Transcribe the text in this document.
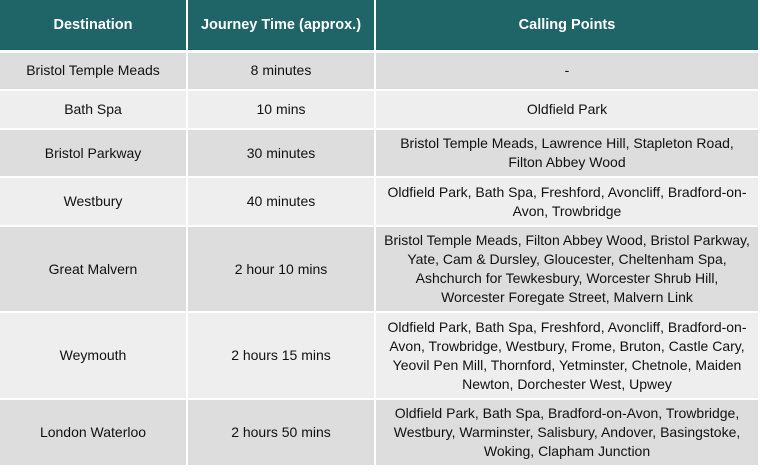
Destination	Journey Time (approx.)	Calling Points
Bristol Temple Meads	8 minutes	-
Bath Spa	10 mins	Oldfield Park
Bristol Parkway	30 minutes	Bristol Temple Meads, Lawrence Hill, Stapleton Road, Filton Abbey Wood
Westbury	40 minutes	Oldfield Park, Bath Spa, Freshford, Avoncliff, Bradford-on-Avon, Trowbridge
Great Malvern	2 hour 10 mins	Bristol Temple Meads, Filton Abbey Wood, Bristol Parkway, Yate, Cam & Dursley, Gloucester, Cheltenham Spa, Ashchurch for Tewkesbury, Worcester Shrub Hill, Worcester Foregate Street, Malvern Link
Weymouth	2 hours 15 mins	Oldfield Park, Bath Spa, Freshford, Avoncliff, Bradford-on-Avon, Trowbridge, Westbury, Frome, Bruton, Castle Cary, Yeovil Pen Mill, Thornford, Yetminster, Chetnole, Maiden Newton, Dorchester West, Upwey
London Waterloo	2 hours 50 mins	Oldfield Park, Bath Spa, Bradford-on-Avon, Trowbridge, Westbury, Warminster, Salisbury, Andover, Basingstoke, Woking, Clapham Junction
